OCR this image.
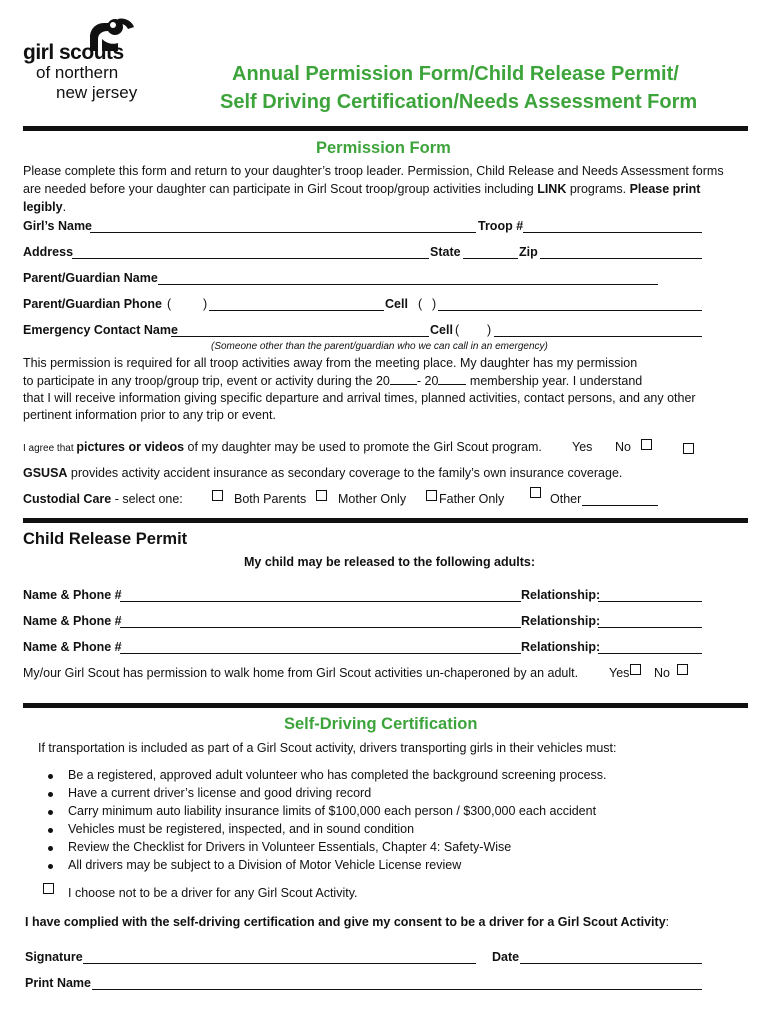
girl scouts
of northern
new jersey
Annual Permission Form/Child Release Permit/
Self Driving Certification/Needs Assessment Form
Permission Form
Please complete this form and return to your daughter’s troop leader. Permission, Child Release and Needs Assessment forms
are needed before your daughter can participate in Girl Scout troop/group activities including LINK programs. Please print
legibly.
Girl’s Name	Troop #
Address	State	Zip
Parent/Guardian Name
Parent/Guardian Phone (	)	Cell ( )
Emergency Contact Name	Cell ( )
(Someone other than the parent/guardian who we can call in an emergency)
This permission is required for all troop activities away from the meeting place. My daughter has my permission
to participate in any troop/group trip, event or activity during the 20 - 20 membership year. I understand
that I will receive information giving specific departure and arrival times, planned activities, contact persons, and any other
pertinent information prior to any trip or event.
I agree that pictures or videos of my daughter may be used to promote the Girl Scout program. Yes No
GSUSA provides activity accident insurance as secondary coverage to the family’s own insurance coverage.
Custodial Care - select one:	Both Parents	Mother Only	Father Only	Other
Child Release Permit
My child may be released to the following adults:
Name & Phone #	Relationship:
Name & Phone #	Relationship:
Name & Phone #	Relationship:
My/our Girl Scout has permission to walk home from Girl Scout activities un-chaperoned by an adult. Yes No
Self-Driving Certification
If transportation is included as part of a Girl Scout activity, drivers transporting girls in their vehicles must:
Be a registered, approved adult volunteer who has completed the background screening process.
Have a current driver’s license and good driving record
Carry minimum auto liability insurance limits of $100,000 each person / $300,000 each accident
Vehicles must be registered, inspected, and in sound condition
Review the Checklist for Drivers in Volunteer Essentials, Chapter 4: Safety-Wise
All drivers may be subject to a Division of Motor Vehicle License review
I choose not to be a driver for any Girl Scout Activity.
I have complied with the self-driving certification and give my consent to be a driver for a Girl Scout Activity:
Signature	Date
Print Name
